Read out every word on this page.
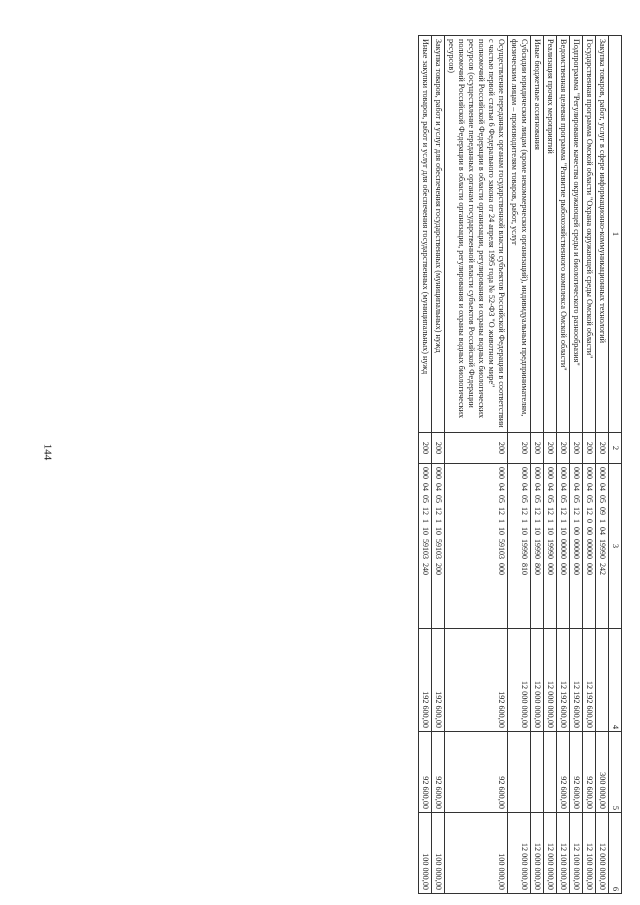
144
1	2	3	4	5	6
Закупка товаров, работ, услуг в сфере информационно-коммуникационных технологий	200	00004050910419990242		300 000,00	12 000 000,00
Государственная программа Омской области "Охрана окружающей среды Омской области"	200	00004051200000000000	12 192 600,00	92 600,00	12 100 000,00
Подпрограмма "Регулирование качества окружающей среды и биологического разнообразия"	200	00004051210000000000	12 192 600,00	92 600,00	12 100 000,00
Ведомственная целевая программа "Развитие рыбохозяйственного комплекса Омской области"	200	00004051211000000000	12 192 600,00	92 600,00	12 100 000,00
Реализация прочих мероприятий	200	00004051211019990000	12 000 000,00		12 000 000,00
Иные бюджетные ассигнования	200	00004051211019990800	12 000 000,00		12 000 000,00
Субсидии юридическим лицам (кроме некоммерческих организаций), индивидуальным предпринимателям, физическим лицам – производителям товаров, работ, услуг	200	00004051211019990810	12 000 000,00		12 000 000,00
Осуществление переданных органам государственной власти субъектов Российской Федерации в соответствии с частью первой статьи 6 Федерального закона от 24 апреля 1995 года № 52-ФЗ "О животном мире" полномочий Российской Федерации в области организации, регулирования и охраны водных биологических ресурсов (осуществление переданных органам государственной власти субъектов Российской Федерации полномочий Российской Федерации в области организации, регулирования и охраны водных биологических ресурсов)	200	00004051211059103000	192 600,00	92 600,00	100 000,00
Закупка товаров, работ и услуг для обеспечения государственных (муниципальных) нужд	200	00004051211059103200	192 600,00	92 600,00	100 000,00
Иные закупки товаров, работ и услуг для обеспечения государственных (муниципальных) нужд	200	00004051211059103240	192 600,00	92 600,00	100 000,00
